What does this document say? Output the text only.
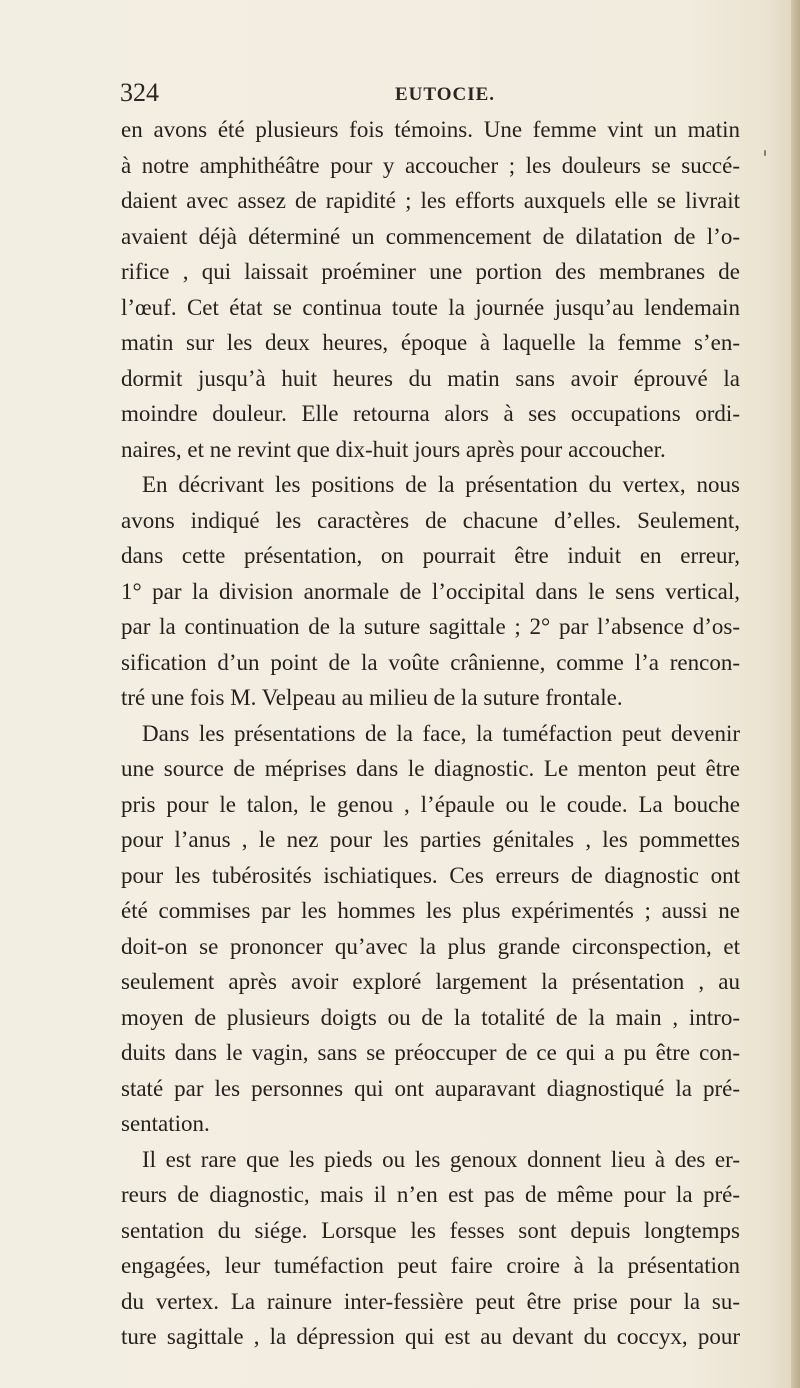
324	EUTOCIE.

en avons été plusieurs fois témoins. Une femme vint un matin
à notre amphithéâtre pour y accoucher ; les douleurs se succé-
daient avec assez de rapidité ; les efforts auxquels elle se livrait
avaient déjà déterminé un commencement de dilatation de l’o-
rifice , qui laissait proéminer une portion des membranes de
l’œuf. Cet état se continua toute la journée jusqu’au lendemain
matin sur les deux heures, époque à laquelle la femme s’en-
dormit jusqu’à huit heures du matin sans avoir éprouvé la
moindre douleur. Elle retourna alors à ses occupations ordi-
naires, et ne revint que dix-huit jours après pour accoucher.

En décrivant les positions de la présentation du vertex, nous
avons indiqué les caractères de chacune d’elles. Seulement,
dans cette présentation, on pourrait être induit en erreur,
1° par la division anormale de l’occipital dans le sens vertical,
par la continuation de la suture sagittale ; 2° par l’absence d’os-
sification d’un point de la voûte crânienne, comme l’a rencon-
tré une fois M. Velpeau au milieu de la suture frontale.

Dans les présentations de la face, la tuméfaction peut devenir
une source de méprises dans le diagnostic. Le menton peut être
pris pour le talon, le genou , l’épaule ou le coude. La bouche
pour l’anus , le nez pour les parties génitales , les pommettes
pour les tubérosités ischiatiques. Ces erreurs de diagnostic ont
été commises par les hommes les plus expérimentés ; aussi ne
doit-on se prononcer qu’avec la plus grande circonspection, et
seulement après avoir exploré largement la présentation , au
moyen de plusieurs doigts ou de la totalité de la main , intro-
duits dans le vagin, sans se préoccuper de ce qui a pu être con-
staté par les personnes qui ont auparavant diagnostiqué la pré-
sentation.

Il est rare que les pieds ou les genoux donnent lieu à des er-
reurs de diagnostic, mais il n’en est pas de même pour la pré-
sentation du siége. Lorsque les fesses sont depuis longtemps
engagées, leur tuméfaction peut faire croire à la présentation
du vertex. La rainure inter-fessière peut être prise pour la su-
ture sagittale , la dépression qui est au devant du coccyx, pour
